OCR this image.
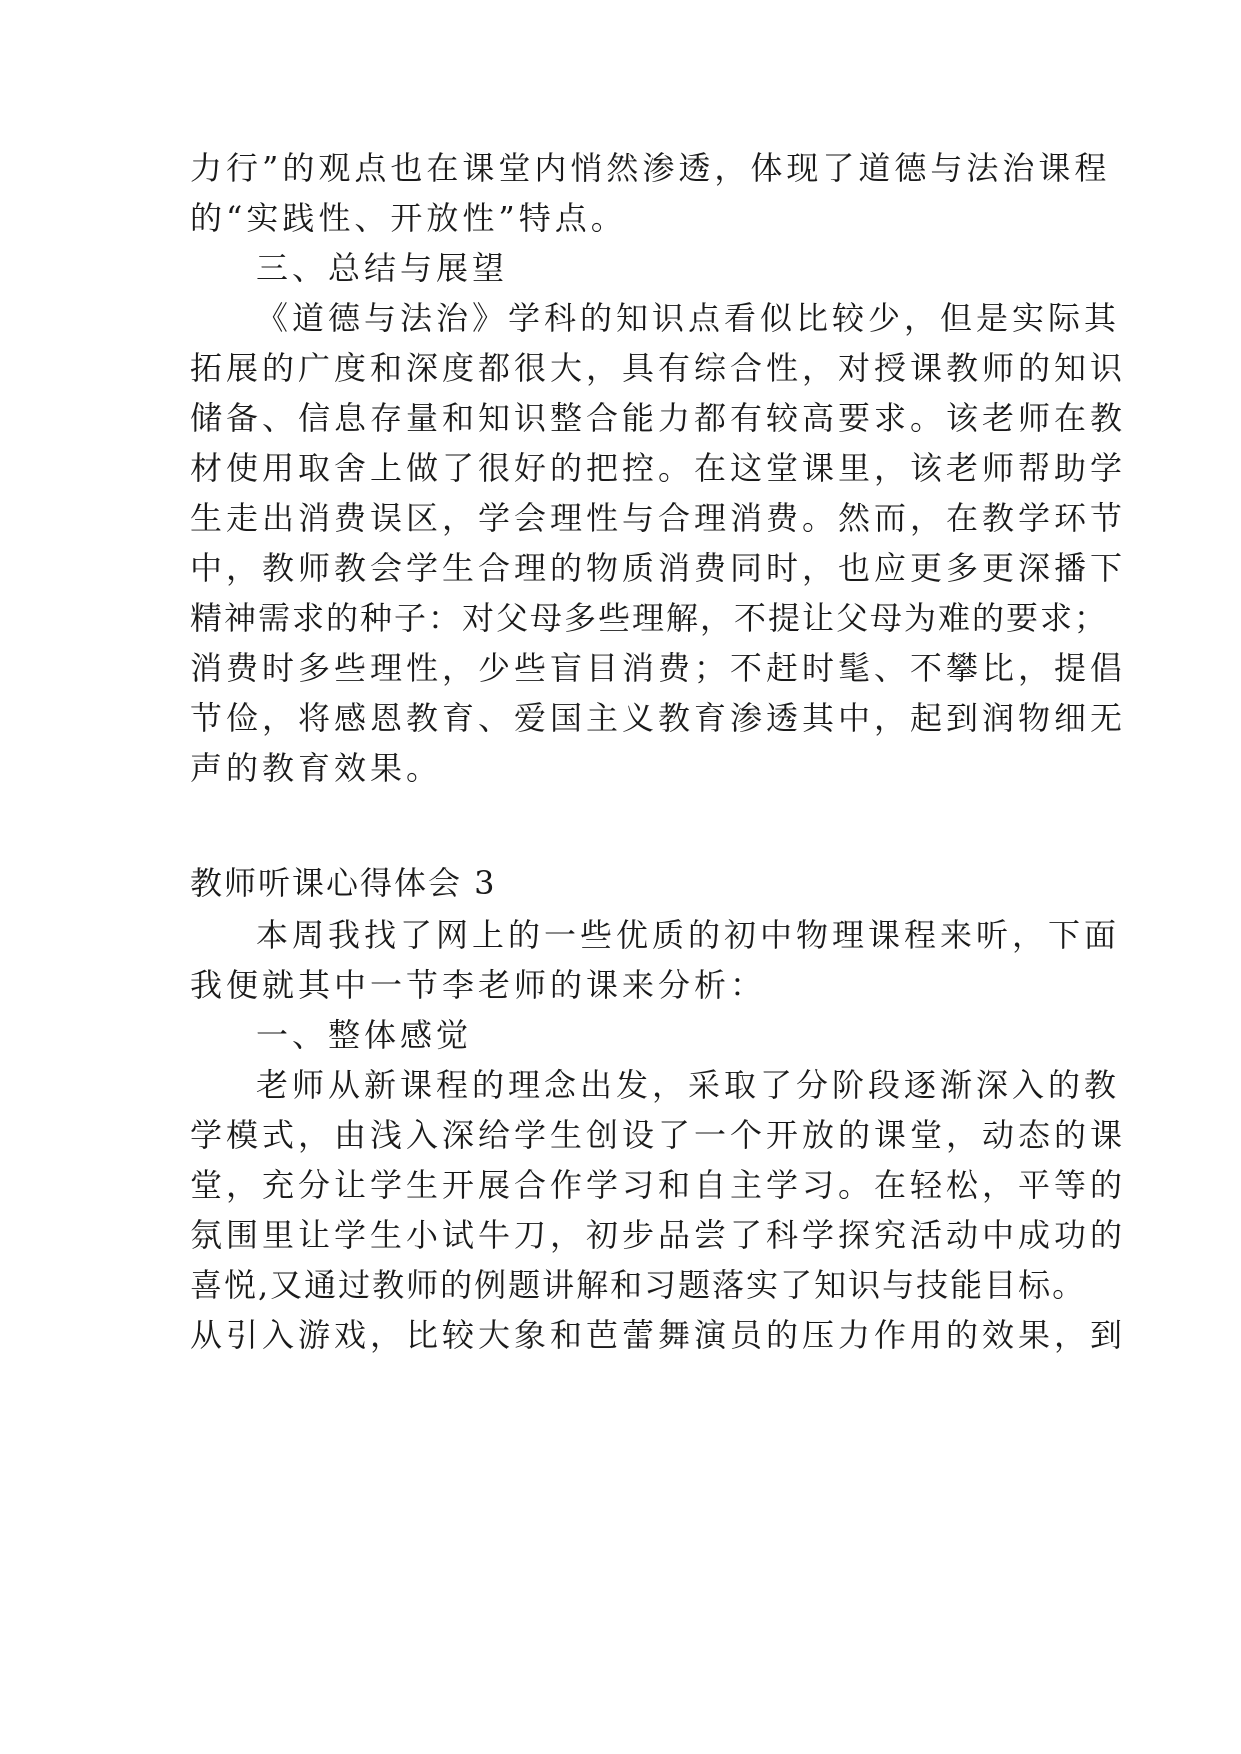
力行”的观点也在课堂内悄然渗透，体现了道德与法治课程
的“实践性、开放性”特点。
三、总结与展望
《道德与法治》学科的知识点看似比较少，但是实际其
拓展的广度和深度都很大，具有综合性，对授课教师的知识
储备、信息存量和知识整合能力都有较高要求。该老师在教
材使用取舍上做了很好的把控。在这堂课里，该老师帮助学
生走出消费误区，学会理性与合理消费。然而，在教学环节
中，教师教会学生合理的物质消费同时，也应更多更深播下
精神需求的种子：对父母多些理解，不提让父母为难的要求；
消费时多些理性，少些盲目消费；不赶时髦、不攀比，提倡
节俭，将感恩教育、爱国主义教育渗透其中，起到润物细无
声的教育效果。
教师听课心得体会 3
本周我找了网上的一些优质的初中物理课程来听，下面
我便就其中一节李老师的课来分析：
一、整体感觉
老师从新课程的理念出发，采取了分阶段逐渐深入的教
学模式，由浅入深给学生创设了一个开放的课堂，动态的课
堂，充分让学生开展合作学习和自主学习。在轻松，平等的
氛围里让学生小试牛刀，初步品尝了科学探究活动中成功的
喜悦,又通过教师的例题讲解和习题落实了知识与技能目标。
从引入游戏，比较大象和芭蕾舞演员的压力作用的效果，到
